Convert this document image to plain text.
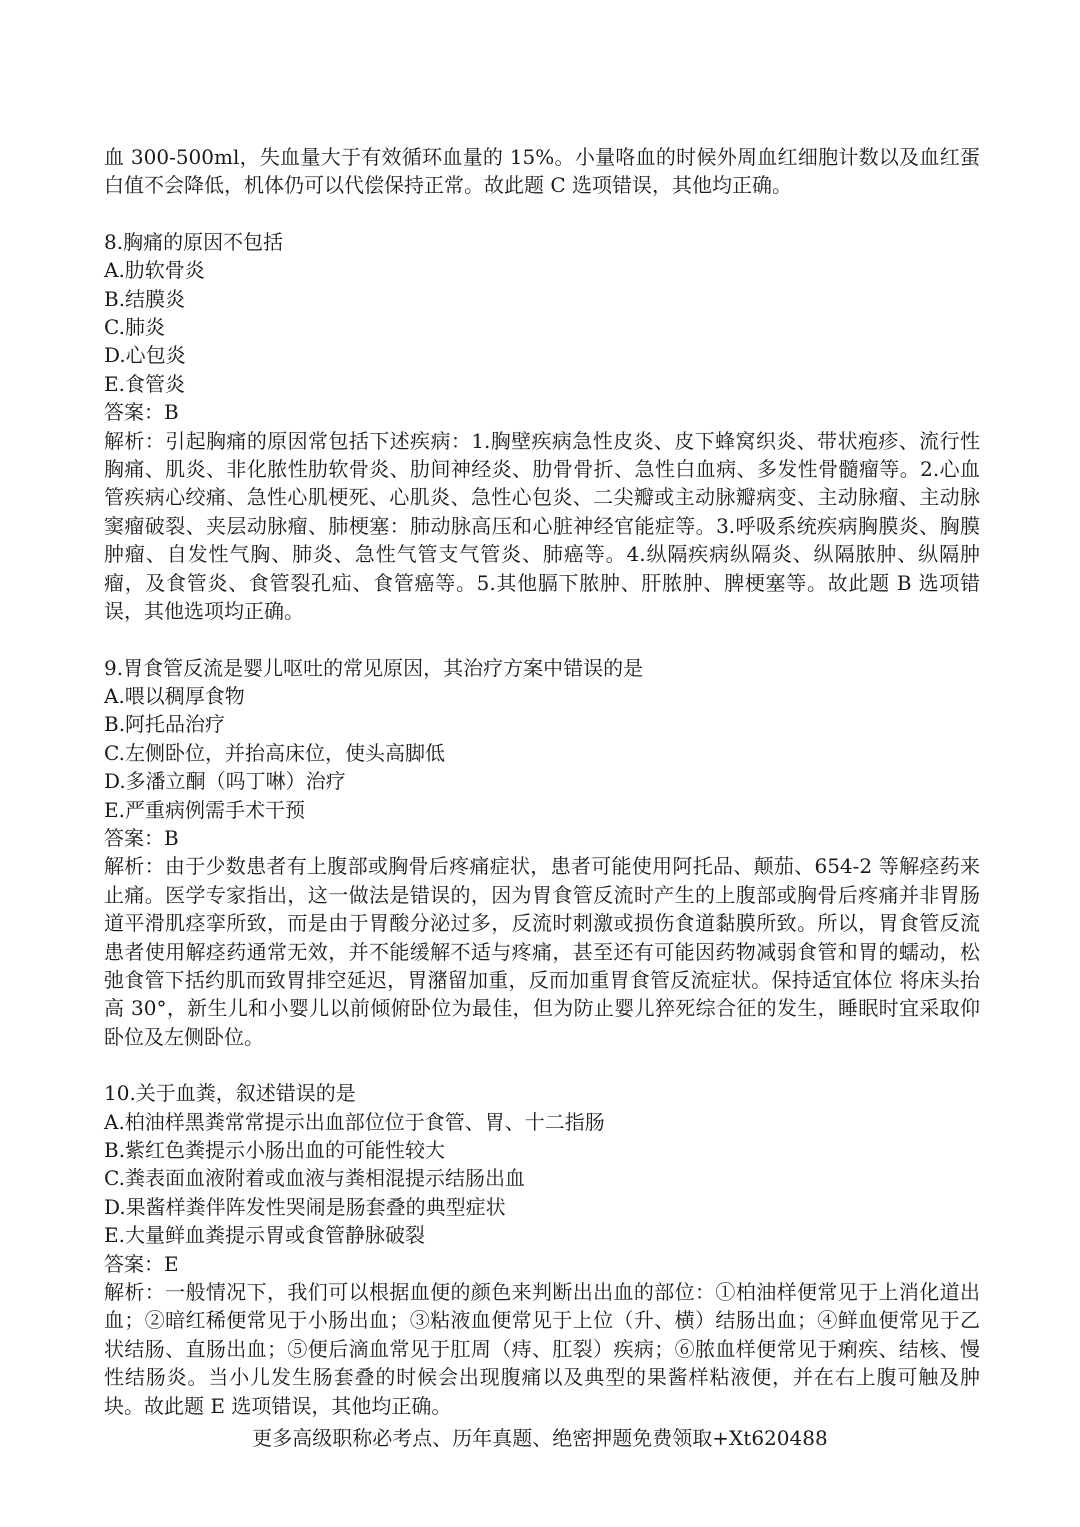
血 300-500ml，失血量大于有效循环血量的 15%。小量咯血的时候外周血红细胞计数以及血红蛋白值不会降低，机体仍可以代偿保持正常。故此题 C 选项错误，其他均正确。

8.胸痛的原因不包括

A.肋软骨炎

B.结膜炎

C.肺炎

D.心包炎

E.食管炎

答案：B

解析：引起胸痛的原因常包括下述疾病：1.胸壁疾病急性皮炎、皮下蜂窝织炎、带状疱疹、流行性胸痛、肌炎、非化脓性肋软骨炎、肋间神经炎、肋骨骨折、急性白血病、多发性骨髓瘤等。2.心血管疾病心绞痛、急性心肌梗死、心肌炎、急性心包炎、二尖瓣或主动脉瓣病变、主动脉瘤、主动脉窦瘤破裂、夹层动脉瘤、肺梗塞：肺动脉高压和心脏神经官能症等。3.呼吸系统疾病胸膜炎、胸膜肿瘤、自发性气胸、肺炎、急性气管支气管炎、肺癌等。4.纵隔疾病纵隔炎、纵隔脓肿、纵隔肿瘤，及食管炎、食管裂孔疝、食管癌等。5.其他膈下脓肿、肝脓肿、脾梗塞等。故此题 B 选项错误，其他选项均正确。

9.胃食管反流是婴儿呕吐的常见原因，其治疗方案中错误的是

A.喂以稠厚食物

B.阿托品治疗

C.左侧卧位，并抬高床位，使头高脚低

D.多潘立酮（吗丁啉）治疗

E.严重病例需手术干预

答案：B

解析：由于少数患者有上腹部或胸骨后疼痛症状，患者可能使用阿托品、颠茄、654-2 等解痉药来止痛。医学专家指出，这一做法是错误的，因为胃食管反流时产生的上腹部或胸骨后疼痛并非胃肠道平滑肌痉挛所致，而是由于胃酸分泌过多，反流时刺激或损伤食道黏膜所致。所以，胃食管反流患者使用解痉药通常无效，并不能缓解不适与疼痛，甚至还有可能因药物减弱食管和胃的蠕动，松弛食管下括约肌而致胃排空延迟，胃潴留加重，反而加重胃食管反流症状。保持适宜体位 将床头抬高 30°，新生儿和小婴儿以前倾俯卧位为最佳，但为防止婴儿猝死综合征的发生，睡眠时宜采取仰卧位及左侧卧位。

10.关于血粪，叙述错误的是

A.柏油样黑粪常常提示出血部位位于食管、胃、十二指肠

B.紫红色粪提示小肠出血的可能性较大

C.粪表面血液附着或血液与粪相混提示结肠出血

D.果酱样粪伴阵发性哭闹是肠套叠的典型症状

E.大量鲜血粪提示胃或食管静脉破裂

答案：E

解析：一般情况下，我们可以根据血便的颜色来判断出出血的部位：①柏油样便常见于上消化道出血；②暗红稀便常见于小肠出血；③粘液血便常见于上位（升、横）结肠出血；④鲜血便常见于乙状结肠、直肠出血；⑤便后滴血常见于肛周（痔、肛裂）疾病；⑥脓血样便常见于痢疾、结核、慢性结肠炎。当小儿发生肠套叠的时候会出现腹痛以及典型的果酱样粘液便，并在右上腹可触及肿块。故此题 E 选项错误，其他均正确。

更多高级职称必考点、历年真题、绝密押题免费领取+Xt620488
